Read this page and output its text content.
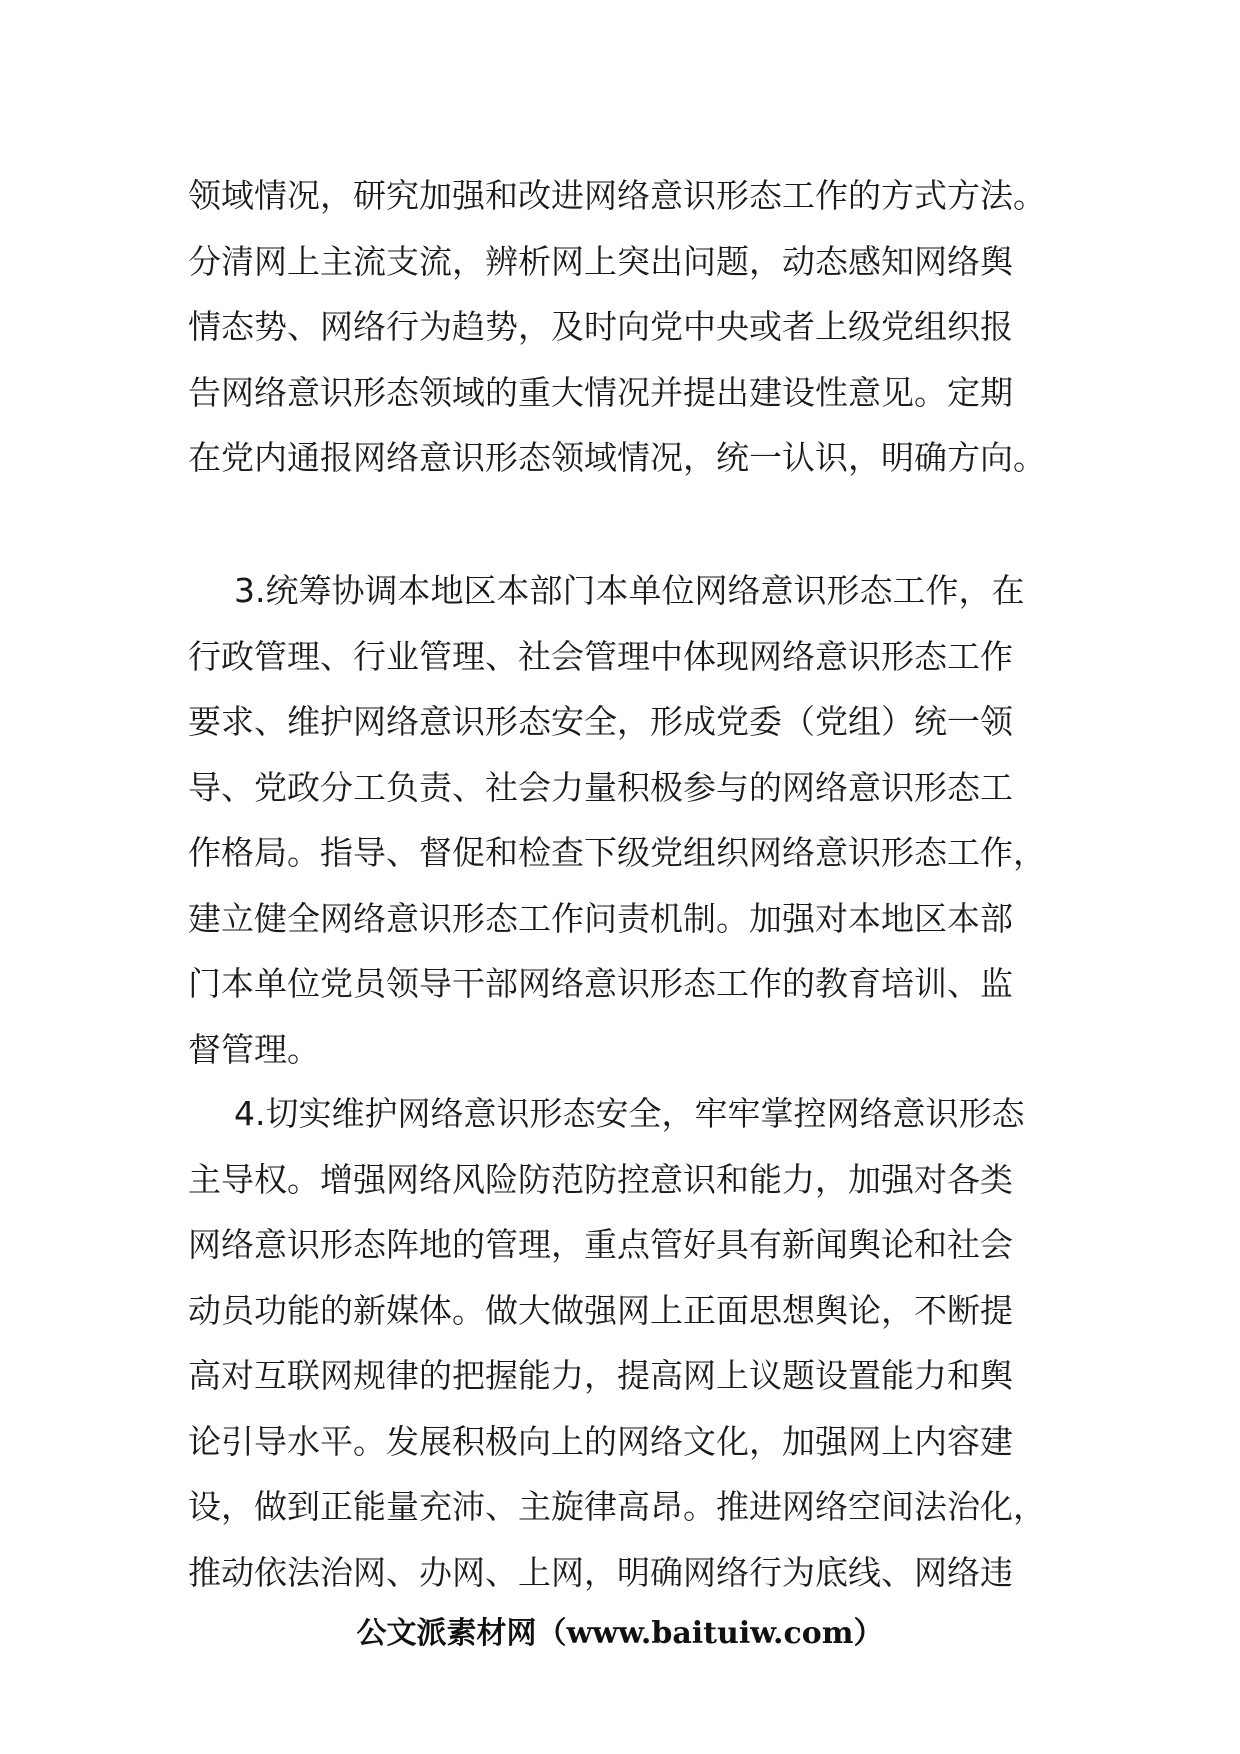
领域情况，研究加强和改进网络意识形态工作的方式方法。
分清网上主流支流，辨析网上突出问题，动态感知网络舆
情态势、网络行为趋势，及时向党中央或者上级党组织报
告网络意识形态领域的重大情况并提出建设性意见。定期
在党内通报网络意识形态领域情况，统一认识，明确方向。
3.统筹协调本地区本部门本单位网络意识形态工作，在
行政管理、行业管理、社会管理中体现网络意识形态工作
要求、维护网络意识形态安全，形成党委（党组）统一领
导、党政分工负责、社会力量积极参与的网络意识形态工
作格局。指导、督促和检查下级党组织网络意识形态工作，
建立健全网络意识形态工作问责机制。加强对本地区本部
门本单位党员领导干部网络意识形态工作的教育培训、监
督管理。
4.切实维护网络意识形态安全，牢牢掌控网络意识形态
主导权。增强网络风险防范防控意识和能力，加强对各类
网络意识形态阵地的管理，重点管好具有新闻舆论和社会
动员功能的新媒体。做大做强网上正面思想舆论，不断提
高对互联网规律的把握能力，提高网上议题设置能力和舆
论引导水平。发展积极向上的网络文化，加强网上内容建
设，做到正能量充沛、主旋律高昂。推进网络空间法治化，
推动依法治网、办网、上网，明确网络行为底线、网络违
公文派素材网（www.baituiw.com）
